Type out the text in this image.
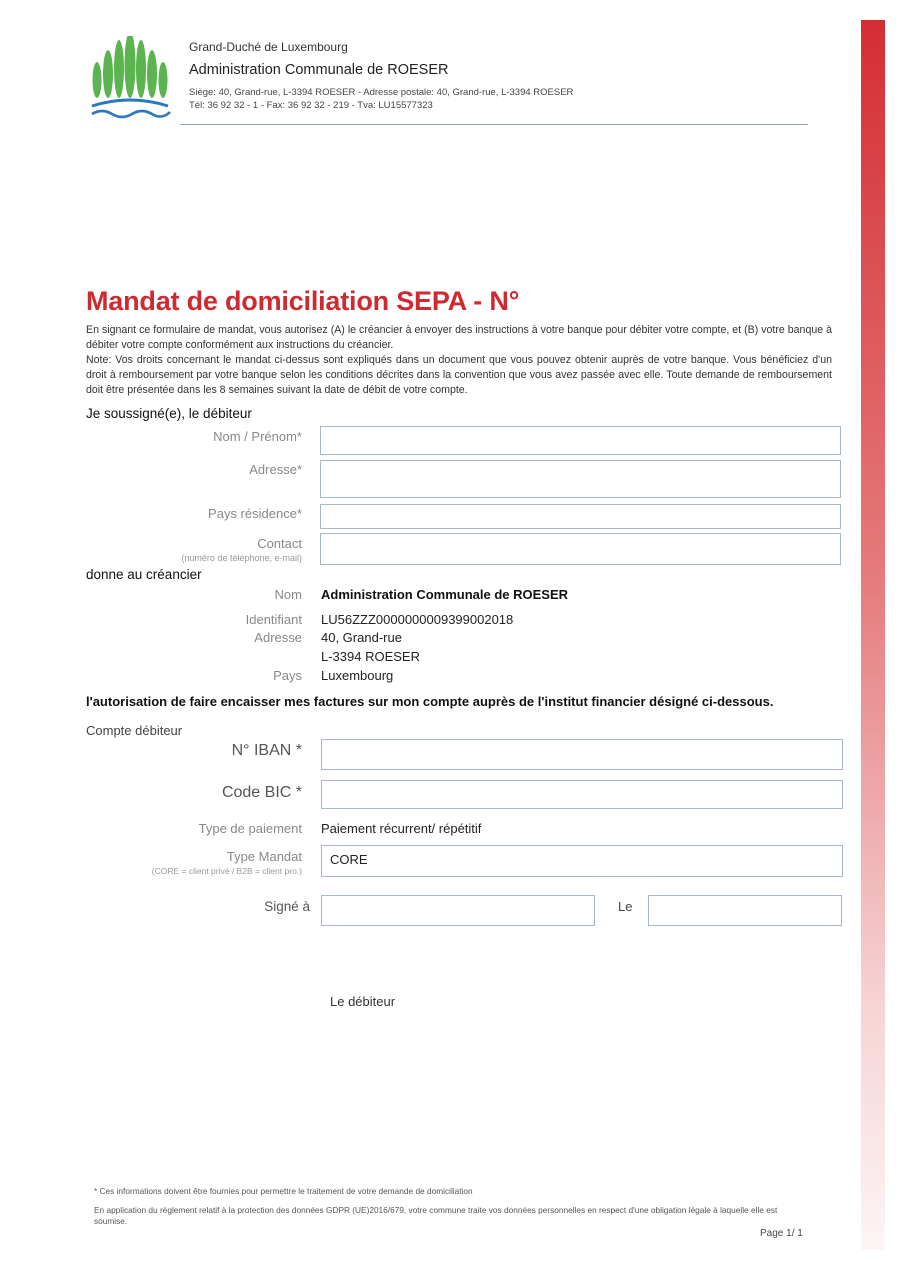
Grand-Duché de Luxembourg
Administration Communale de ROESER
Siège: 40, Grand-rue, L-3394 ROESER - Adresse postale: 40, Grand-rue, L-3394 ROESER
Tél: 36 92 32 - 1 - Fax: 36 92 32 - 219 - Tva: LU15577323
Mandat de domiciliation SEPA - N°
En signant ce formulaire de mandat, vous autorisez (A) le créancier à envoyer des instructions à votre banque pour débiter votre compte, et (B) votre banque à débiter votre compte conformément aux instructions du créancier.
Note: Vos droits concernant le mandat ci-dessus sont expliqués dans un document que vous pouvez obtenir auprès de votre banque. Vous bénéficiez d'un droit à remboursement par votre banque selon les conditions décrites dans la convention que vous avez passée avec elle. Toute demande de remboursement doit être présentée dans les 8 semaines suivant la date de débit de votre compte.
Je soussigné(e), le débiteur
Nom / Prénom*
Adresse*
Pays résidence*
Contact
(numéro de téléphone, e-mail)
donne au créancier
Nom Administration Communale de ROESER
Identifiant LU56ZZZ0000000009399002018
Adresse 40, Grand-rue
L-3394 ROESER
Pays Luxembourg
l'autorisation de faire encaisser mes factures sur mon compte auprès de l'institut financier désigné ci-dessous.
Compte débiteur
N° IBAN *
Code BIC *
Type de paiement Paiement récurrent/ répétitif
Type Mandat
(CORE = client privé / B2B = client pro.)
CORE
Signé à	Le
Le débiteur
* Ces informations doivent être fournies pour permettre le traitement de votre demande de domiciliation
En application du règlement relatif à la protection des données GDPR (UE)2016/679, votre commune traite vos données personnelles en respect d'une obligation légale à laquelle elle est soumise.
Page 1/ 1
